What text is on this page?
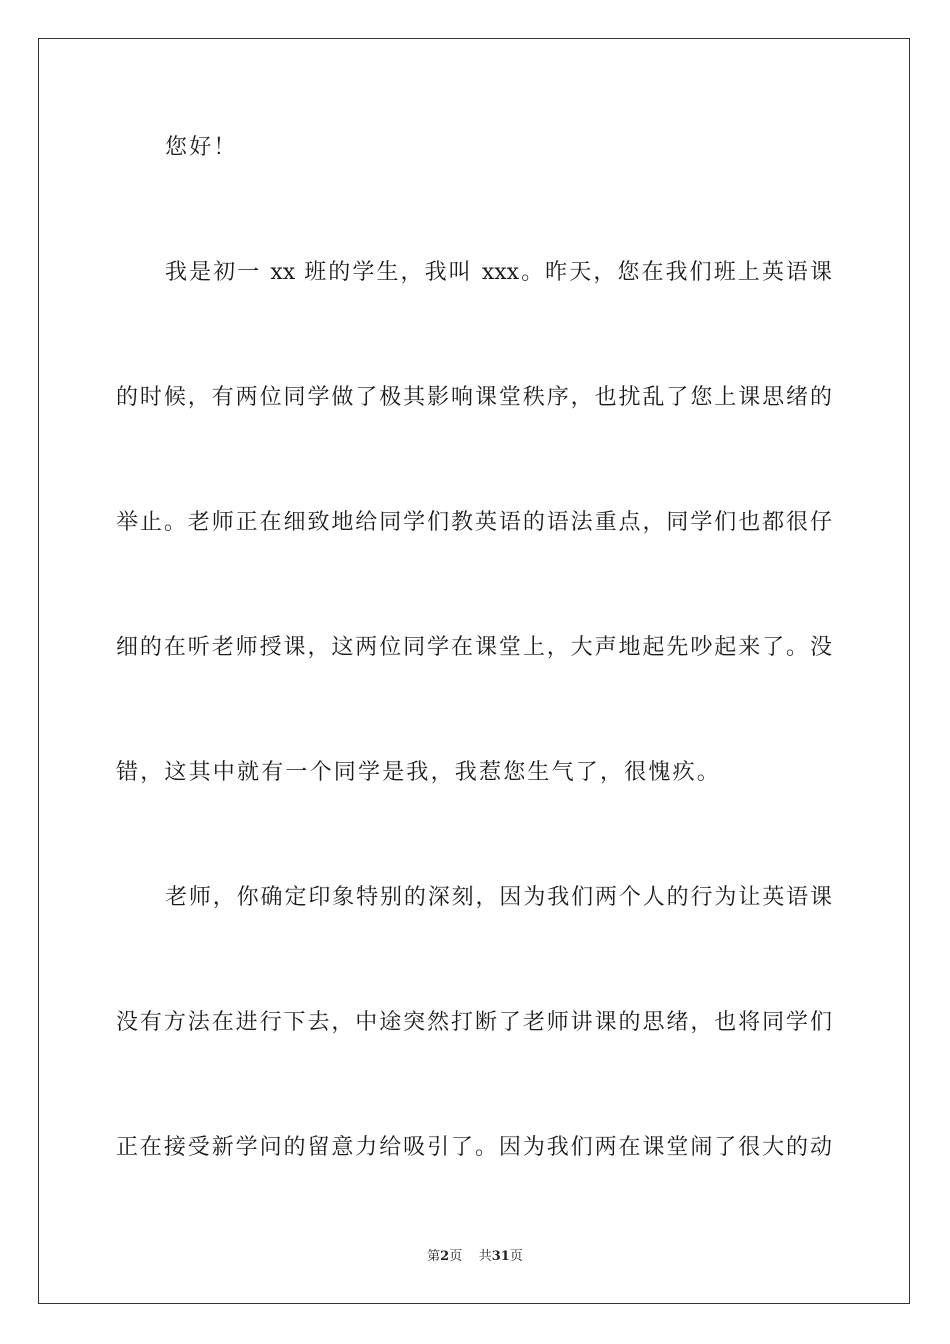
您好！
我是初一 xx 班的学生，我叫 xxx。昨天，您在我们班上英语课
的时候，有两位同学做了极其影响课堂秩序，也扰乱了您上课思绪的
举止。老师正在细致地给同学们教英语的语法重点，同学们也都很仔
细的在听老师授课，这两位同学在课堂上，大声地起先吵起来了。没
错，这其中就有一个同学是我，我惹您生气了，很愧疚。
老师，你确定印象特别的深刻，因为我们两个人的行为让英语课
没有方法在进行下去，中途突然打断了老师讲课的思绪，也将同学们
正在接受新学问的留意力给吸引了。因为我们两在课堂闹了很大的动
第2页 共31页
